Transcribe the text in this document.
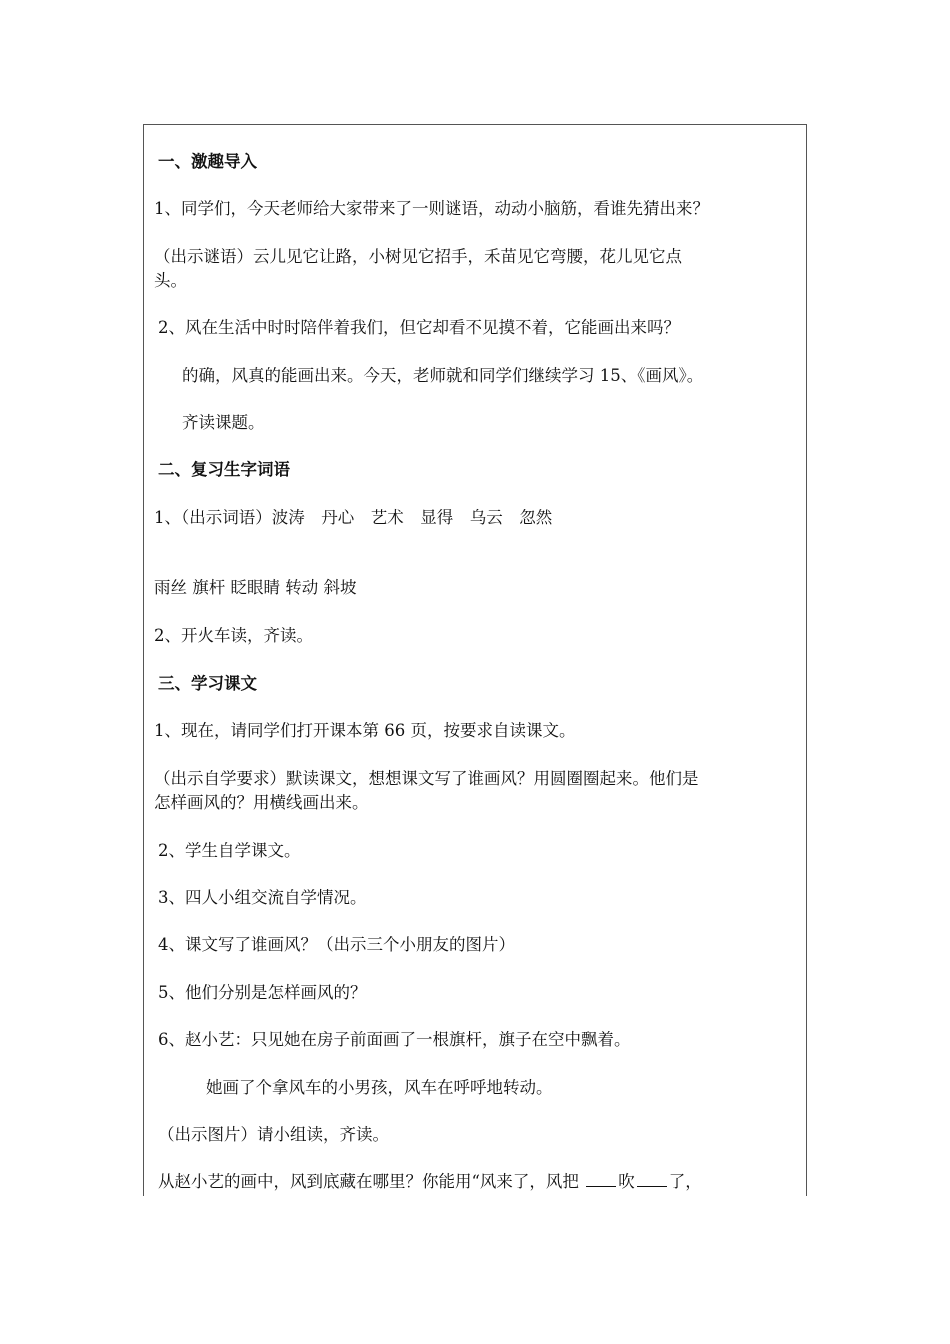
一、激趣导入

1、同学们，今天老师给大家带来了一则谜语，动动小脑筋，看谁先猜出来？

（出示谜语）云儿见它让路，小树见它招手，禾苗见它弯腰，花儿见它点

头。

2、风在生活中时时陪伴着我们，但它却看不见摸不着，它能画出来吗？

的确，风真的能画出来。今天，老师就和同学们继续学习 15、《画风》。

齐读课题。

二、复习生字词语

1、（出示词语）波涛　丹心　艺术　显得　乌云　忽然

雨丝 旗杆 眨眼睛 转动 斜坡

2、开火车读，齐读。

三、学习课文

1、现在，请同学们打开课本第 66 页，按要求自读课文。

（出示自学要求）默读课文，想想课文写了谁画风？用圆圈圈起来。他们是

怎样画风的？用横线画出来。

2、学生自学课文。

3、四人小组交流自学情况。

4、课文写了谁画风？（出示三个小朋友的图片）

5、他们分别是怎样画风的？

6、赵小艺：只见她在房子前面画了一根旗杆，旗子在空中飘着。

她画了个拿风车的小男孩，风车在呼呼地转动。

（出示图片）请小组读，齐读。

从赵小艺的画中，风到底藏在哪里？你能用“风来了，风把 吹 了，
